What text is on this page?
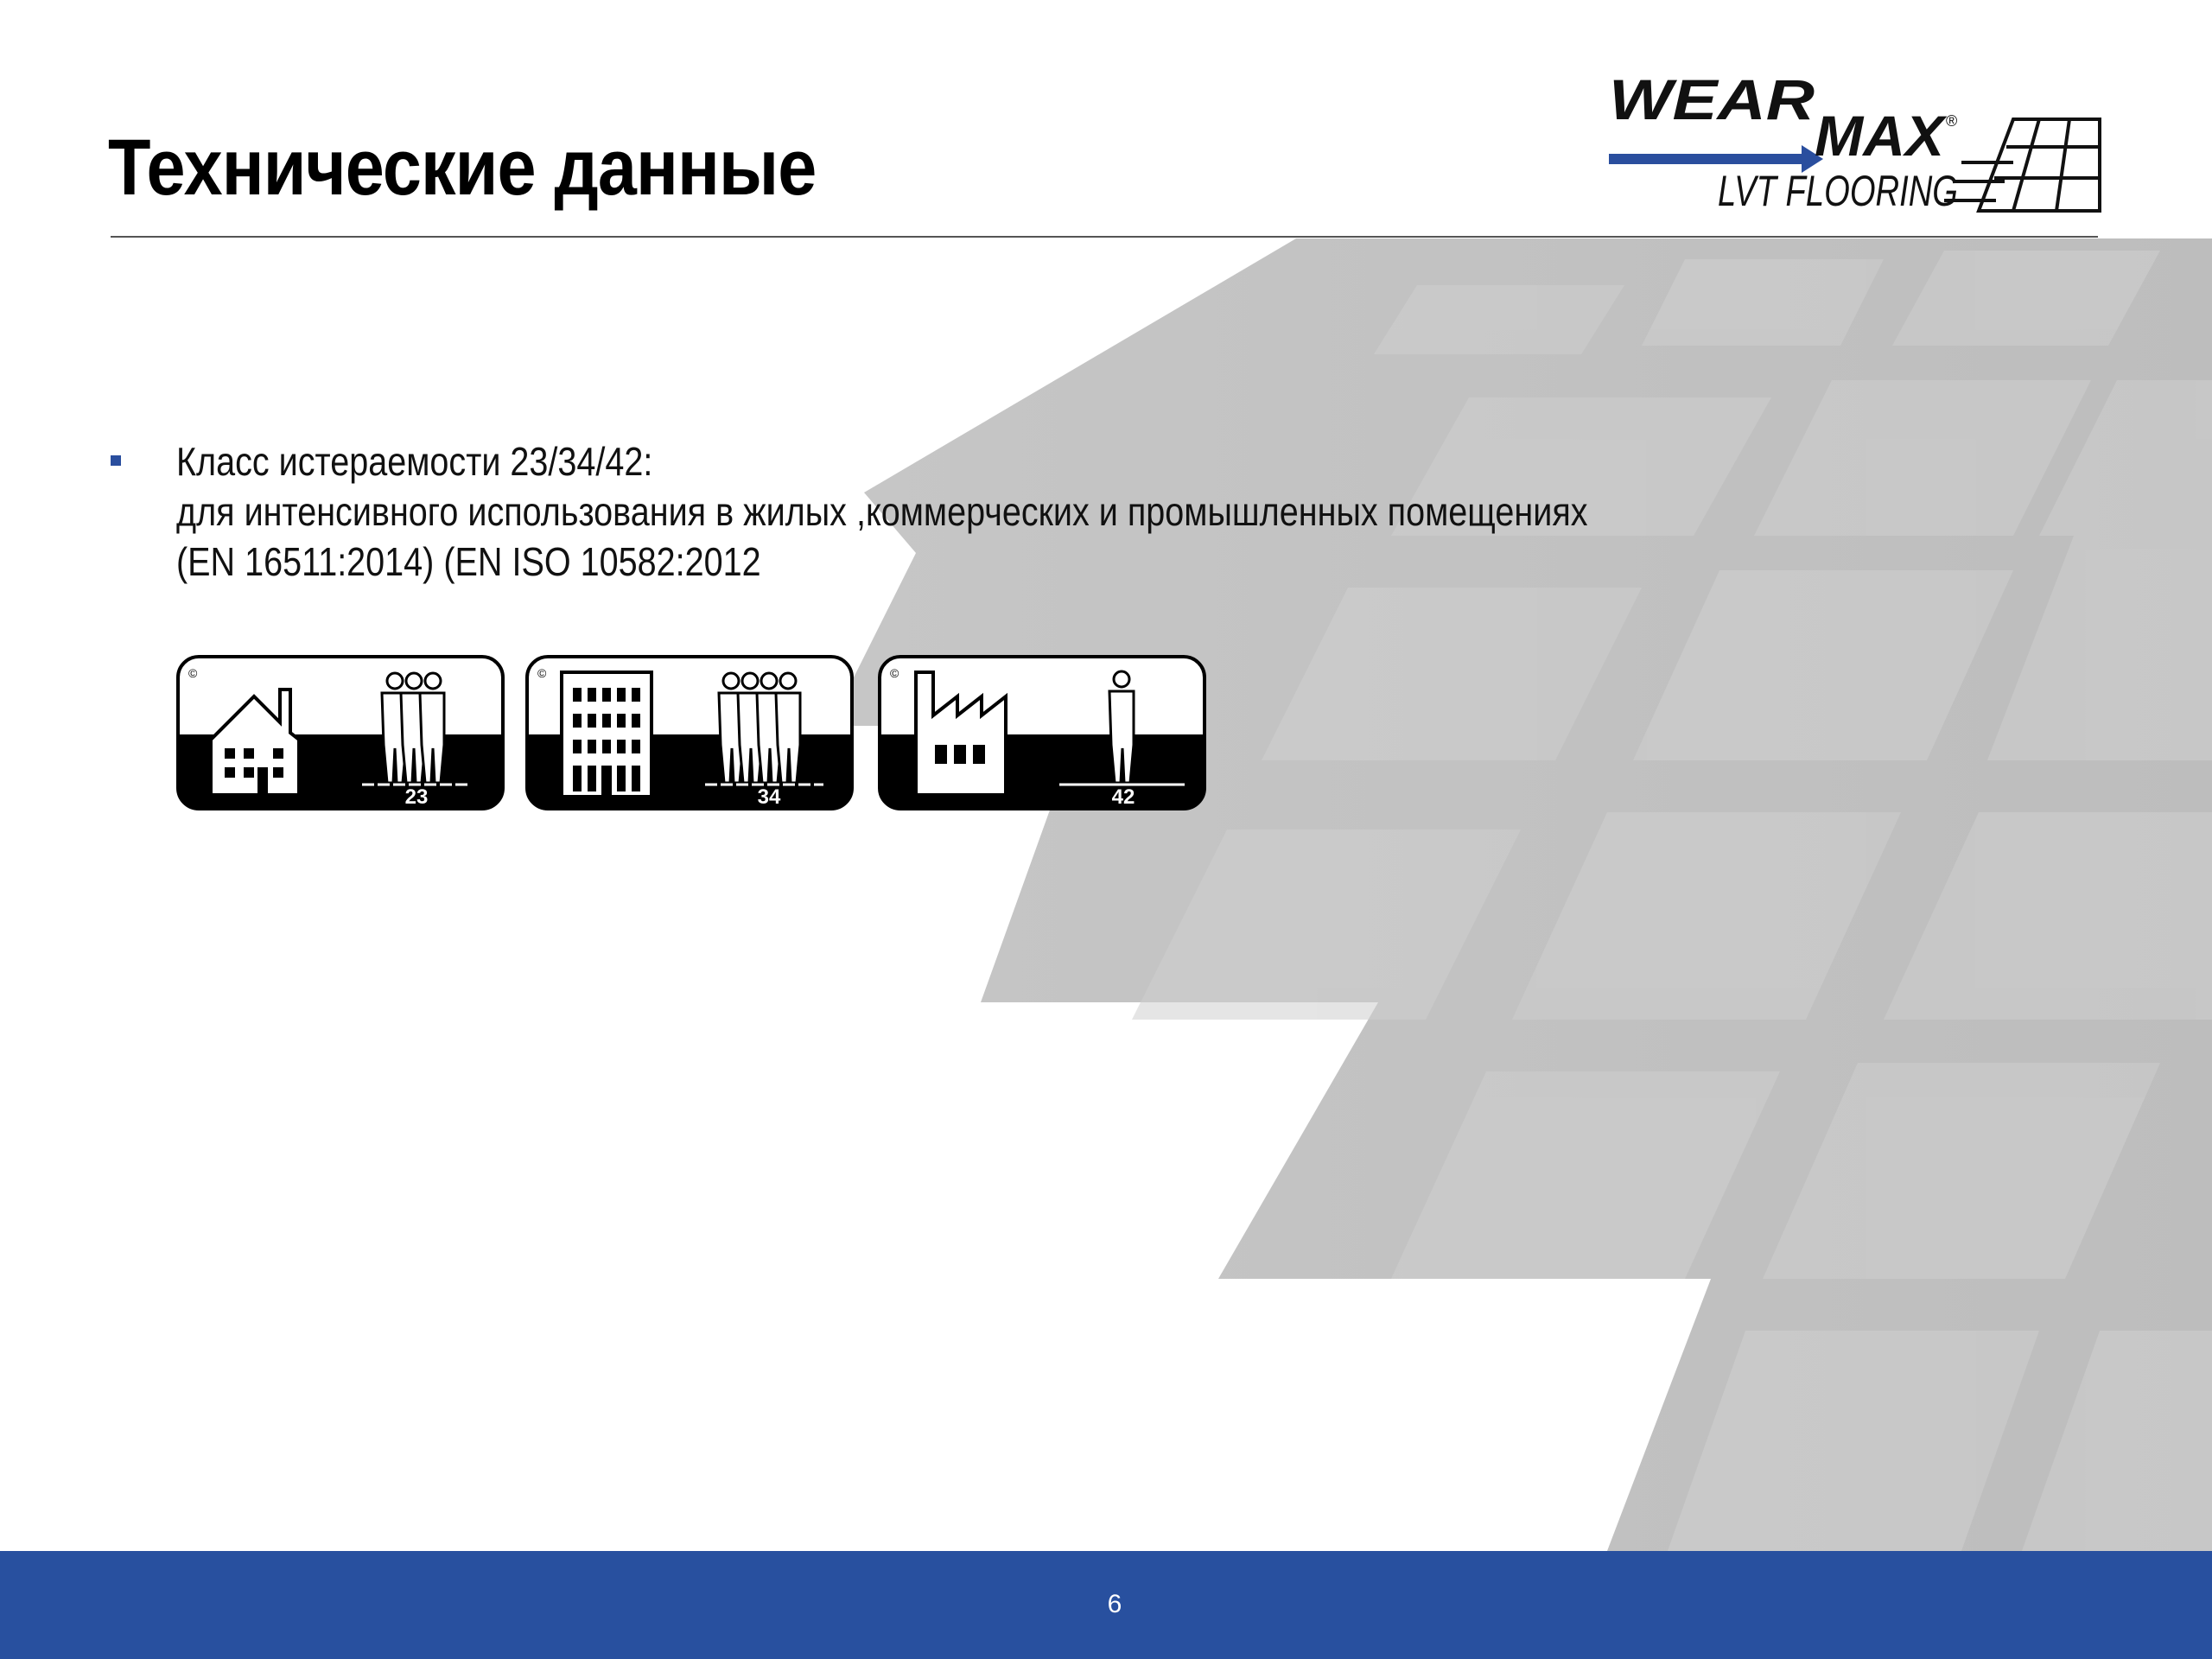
Технические данные
WEAR
MAX
®
LVT FLOORING
Класс истераемости 23/34/42:
для интенсивного использования в жилых ,коммерческих и промышленных помещениях
(EN 16511:2014) (EN ISO 10582:2012
©
23
©
34
©
42
6
